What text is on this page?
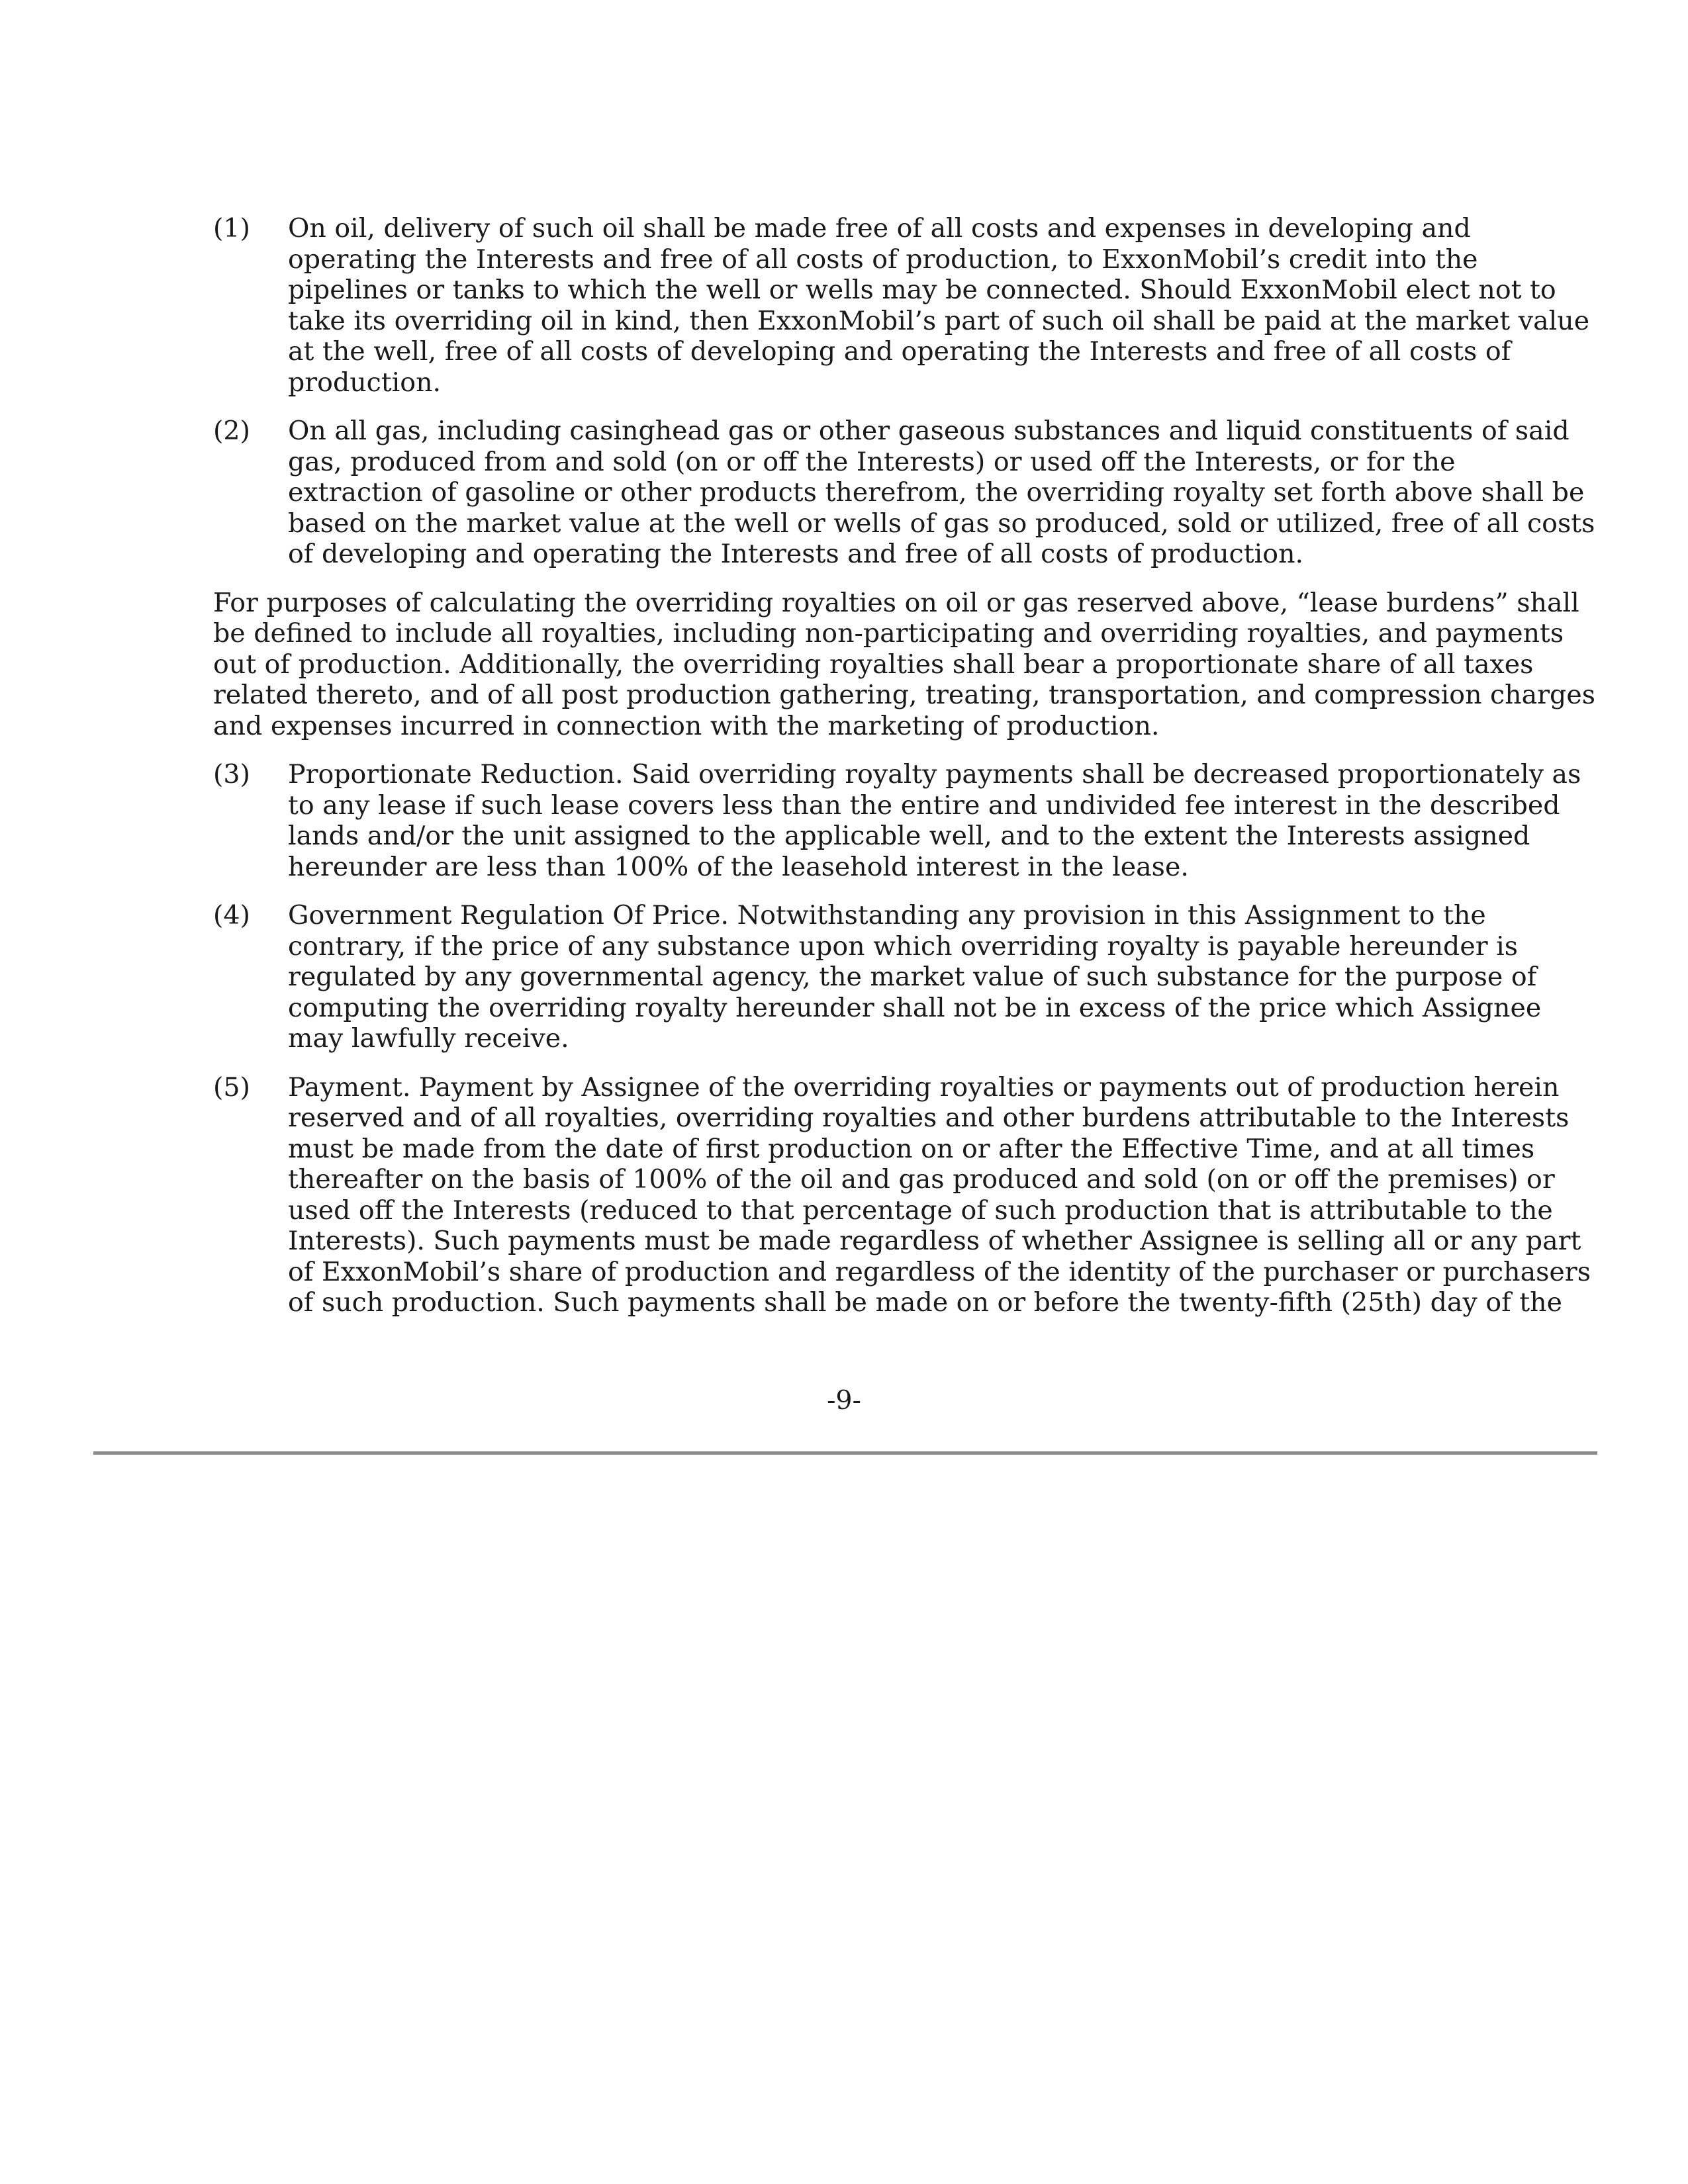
(1) On oil, delivery of such oil shall be made free of all costs and expenses in developing and operating the Interests and free of all costs of production, to ExxonMobil’s credit into the pipelines or tanks to which the well or wells may be connected. Should ExxonMobil elect not to take its overriding oil in kind, then ExxonMobil’s part of such oil shall be paid at the market value at the well, free of all costs of developing and operating the Interests and free of all costs of production.
(2) On all gas, including casinghead gas or other gaseous substances and liquid constituents of said gas, produced from and sold (on or off the Interests) or used off the Interests, or for the extraction of gasoline or other products therefrom, the overriding royalty set forth above shall be based on the market value at the well or wells of gas so produced, sold or utilized, free of all costs of developing and operating the Interests and free of all costs of production.

For purposes of calculating the overriding royalties on oil or gas reserved above, “lease burdens” shall be defined to include all royalties, including non-participating and overriding royalties, and payments out of production. Additionally, the overriding royalties shall bear a proportionate share of all taxes related thereto, and of all post production gathering, treating, transportation, and compression charges and expenses incurred in connection with the marketing of production.

(3) Proportionate Reduction. Said overriding royalty payments shall be decreased proportionately as to any lease if such lease covers less than the entire and undivided fee interest in the described lands and/or the unit assigned to the applicable well, and to the extent the Interests assigned hereunder are less than 100% of the leasehold interest in the lease.
(4) Government Regulation Of Price. Notwithstanding any provision in this Assignment to the contrary, if the price of any substance upon which overriding royalty is payable hereunder is regulated by any governmental agency, the market value of such substance for the purpose of computing the overriding royalty hereunder shall not be in excess of the price which Assignee may lawfully receive.
(5) Payment. Payment by Assignee of the overriding royalties or payments out of production herein reserved and of all royalties, overriding royalties and other burdens attributable to the Interests must be made from the date of first production on or after the Effective Time, and at all times thereafter on the basis of 100% of the oil and gas produced and sold (on or off the premises) or used off the Interests (reduced to that percentage of such production that is attributable to the Interests). Such payments must be made regardless of whether Assignee is selling all or any part of ExxonMobil’s share of production and regardless of the identity of the purchaser or purchasers of such production. Such payments shall be made on or before the twenty-fifth (25th) day of the
-9-
